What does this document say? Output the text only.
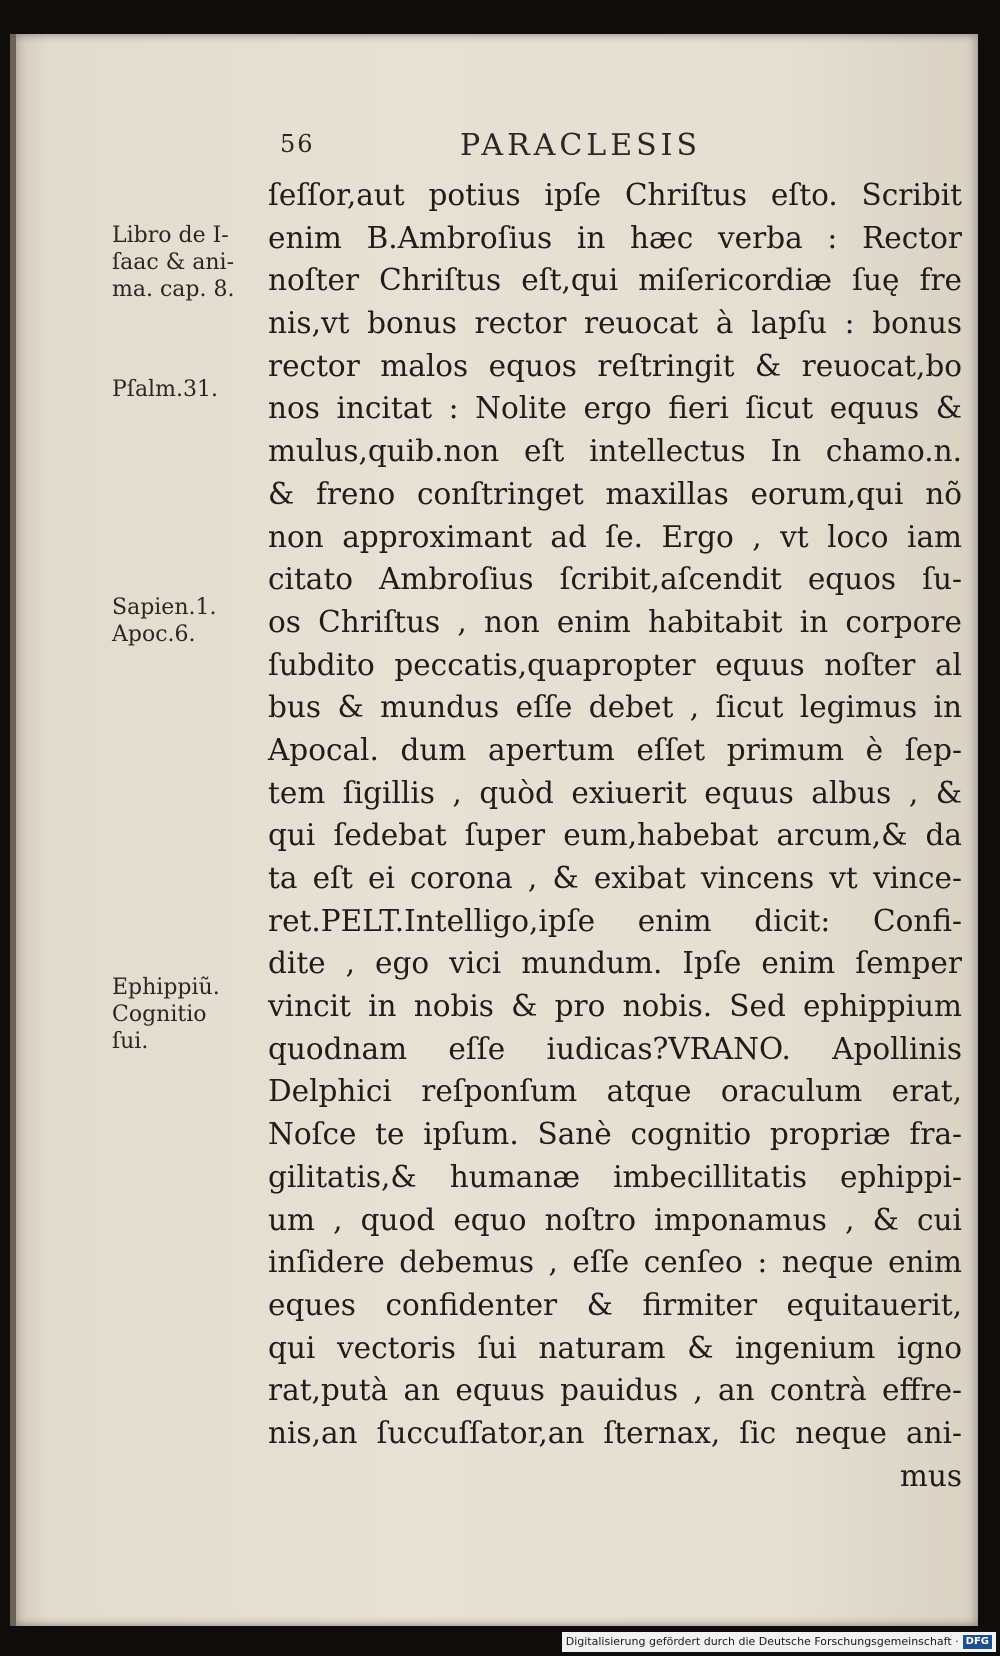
56	PARACLESIS
ſeſſor,aut potius ipſe Chriſtus eſto. Scribit
enim B.Ambroſius in hæc verba : Rector
noſter Chriſtus eſt,qui miſericordiæ ſuę fre
nis,vt bonus rector reuocat à lapſu : bonus
rector malos equos reſtringit & reuocat,bo
nos incitat : Nolite ergo fieri ſicut equus &
mulus,quib.non eſt intellectus In chamo.n.
& freno conſtringet maxillas eorum,qui nõ
non approximant ad ſe. Ergo , vt loco iam
citato Ambroſius ſcribit,aſcendit equos ſu-
os Chriſtus , non enim habitabit in corpore
ſubdito peccatis,quapropter equus noſter al
bus & mundus eſſe debet , ſicut legimus in
Apocal. dum apertum eſſet primum è ſep-
tem ſigillis , quòd exiuerit equus albus , &
qui ſedebat ſuper eum,habebat arcum,& da
ta eſt ei corona , & exibat vincens vt vince-
ret.PELT.Intelligo,ipſe enim dicit: Confi-
dite , ego vici mundum. Ipſe enim ſemper
vincit in nobis & pro nobis. Sed ephippium
quodnam eſſe iudicas?VRANO. Apollinis
Delphici reſponſum atque oraculum erat,
Noſce te ipſum. Sanè cognitio propriæ fra-
gilitatis,& humanæ imbecillitatis ephippi-
um , quod equo noſtro imponamus , & cui
inſidere debemus , eſſe cenſeo : neque enim
eques confidenter & firmiter equitauerit,
qui vectoris ſui naturam & ingenium igno
rat,putà an equus pauidus , an contrà effre-
nis,an ſuccuſſator,an ſternax, ſic neque ani-
mus
Libro de I-
ſaac & ani-
ma. cap. 8.
Pſalm.31.
Sapien.1.
Apoc.6.
Ephippiũ.
Cognitio
ſui.
Digitalisierung gefördert durch die Deutsche Forschungsgemeinschaft · DFG
